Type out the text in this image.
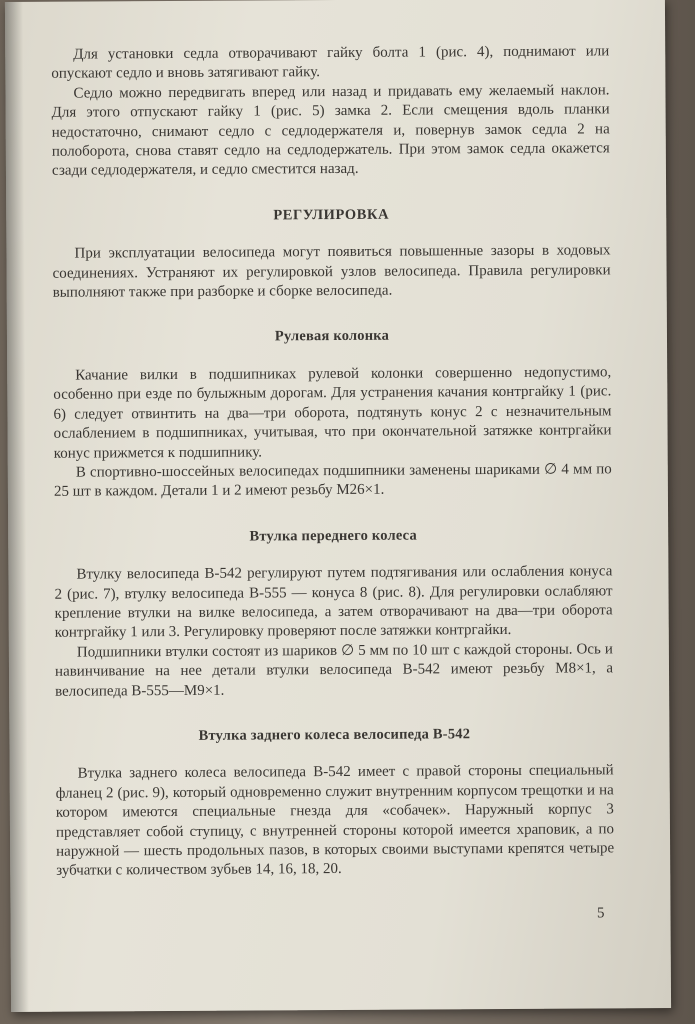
Для установки седла отворачивают гайку болта 1 (рис. 4), поднимают или опускают седло и вновь затягивают гайку.

Седло можно передвигать вперед или назад и придавать ему желаемый наклон. Для этого отпускают гайку 1 (рис. 5) замка 2. Если смещения вдоль планки недостаточно, снимают седло с седлодержателя и, повернув замок седла 2 на полоборота, снова ставят седло на седлодержатель. При этом замок седла окажется сзади седлодержателя, и седло сместится назад.

РЕГУЛИРОВКА

При эксплуатации велосипеда могут появиться повышенные зазоры в ходовых соединениях. Устраняют их регулировкой узлов велосипеда. Правила регулировки выполняют также при разборке и сборке велосипеда.

Рулевая колонка

Качание вилки в подшипниках рулевой колонки совершенно недопустимо, особенно при езде по булыжным дорогам. Для устранения качания контргайку 1 (рис. 6) следует отвинтить на два—три оборота, подтянуть конус 2 с незначительным ослаблением в подшипниках, учитывая, что при окончательной затяжке контргайки конус прижмется к подшипнику.

В спортивно-шоссейных велосипедах подшипники заменены шариками ∅ 4 мм по 25 шт в каждом. Детали 1 и 2 имеют резьбу М26×1.

Втулка переднего колеса

Втулку велосипеда В-542 регулируют путем подтягивания или ослабления конуса 2 (рис. 7), втулку велосипеда В-555 — конуса 8 (рис. 8). Для регулировки ослабляют крепление втулки на вилке велосипеда, а затем отворачивают на два—три оборота контргайку 1 или 3. Регулировку проверяют после затяжки контргайки.

Подшипники втулки состоят из шариков ∅ 5 мм по 10 шт с каждой стороны. Ось и навинчивание на нее детали втулки велосипеда В-542 имеют резьбу М8×1, а велосипеда В-555—М9×1.

Втулка заднего колеса велосипеда В-542

Втулка заднего колеса велосипеда В-542 имеет с правой стороны специальный фланец 2 (рис. 9), который одновременно служит внутренним корпусом трещотки и на котором имеются специальные гнезда для «собачек». Наружный корпус 3 представляет собой ступицу, с внутренней стороны которой имеется храповик, а по наружной — шесть продольных пазов, в которых своими выступами крепятся четыре зубчатки с количеством зубьев 14, 16, 18, 20.

5
